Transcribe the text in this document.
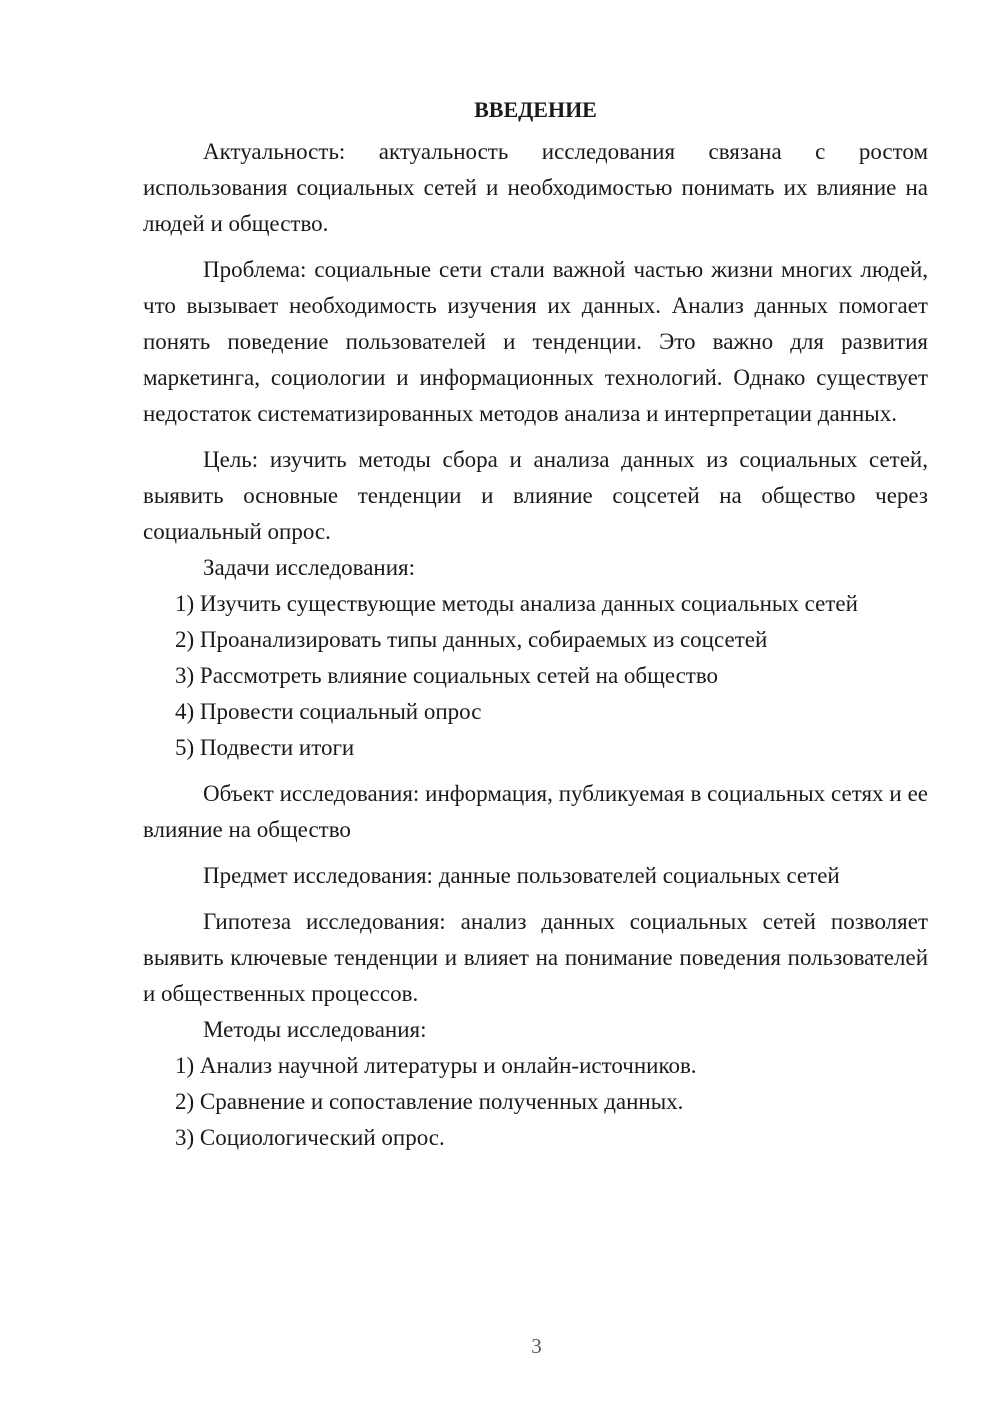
ВВЕДЕНИЕ

Актуальность: актуальность исследования связана с ростом использования социальных сетей и необходимостью понимать их влияние на людей и общество.

Проблема: социальные сети стали важной частью жизни многих людей, что вызывает необходимость изучения их данных. Анализ данных помогает понять поведение пользователей и тенденции. Это важно для развития маркетинга, социологии и информационных технологий. Однако существует недостаток систематизированных методов анализа и интерпретации данных.

Цель: изучить методы сбора и анализа данных из социальных сетей, выявить основные тенденции и влияние соцсетей на общество через социальный опрос.

Задачи исследования:

1) Изучить существующие методы анализа данных социальных сетей

2) Проанализировать типы данных, собираемых из соцсетей

3) Рассмотреть влияние социальных сетей на общество

4) Провести социальный опрос

5) Подвести итоги

Объект исследования: информация, публикуемая в социальных сетях и ее влияние на общество

Предмет исследования: данные пользователей социальных сетей

Гипотеза исследования: анализ данных социальных сетей позволяет выявить ключевые тенденции и влияет на понимание поведения пользователей и общественных процессов.

Методы исследования:

1) Анализ научной литературы и онлайн-источников.

2) Сравнение и сопоставление полученных данных.

3) Социологический опрос.

3
